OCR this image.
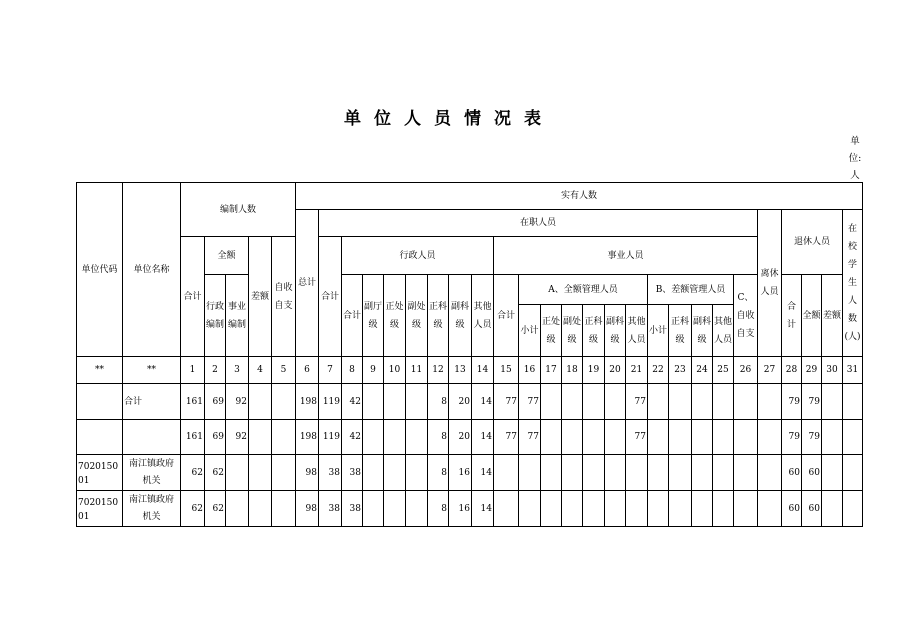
单位人员情况表
单位:人
单位代码	单位名称	编制人数					实有人数																									
							总计	在职人员																				离休人员	退休人员			在校学生人数(人)
		合计	全额		差额	自收自支		合计	行政人员							事业人员																
			行政编制	事业编制					合计	副厅级	正处级	副处级	正科级	副科级	其他人员	合计	A、全额管理人员						B、差额管理人员				C、自收自支		合计	全额	差额	
																	小计	正处级	副处级	正科级	副科级	其他人员	小计	正科级	副科级	其他人员						

**	**	1	2	3	4	5	6	7	8	9	10	11	12	13	14	15	16	17	18	19	20	21	22	23	24	25	26	27	28	29	30	31
	合计	161	69	92			198	119	42				8	20	14	77	77					77							79	79		
		161	69	92			198	119	42				8	20	14	77	77					77							79	79		
702015001	南江镇政府机关	62	62				98	38	38				8	16	14														60	60		
702015001	南江镇政府机关	62	62				98	38	38				8	16	14														60	60		
